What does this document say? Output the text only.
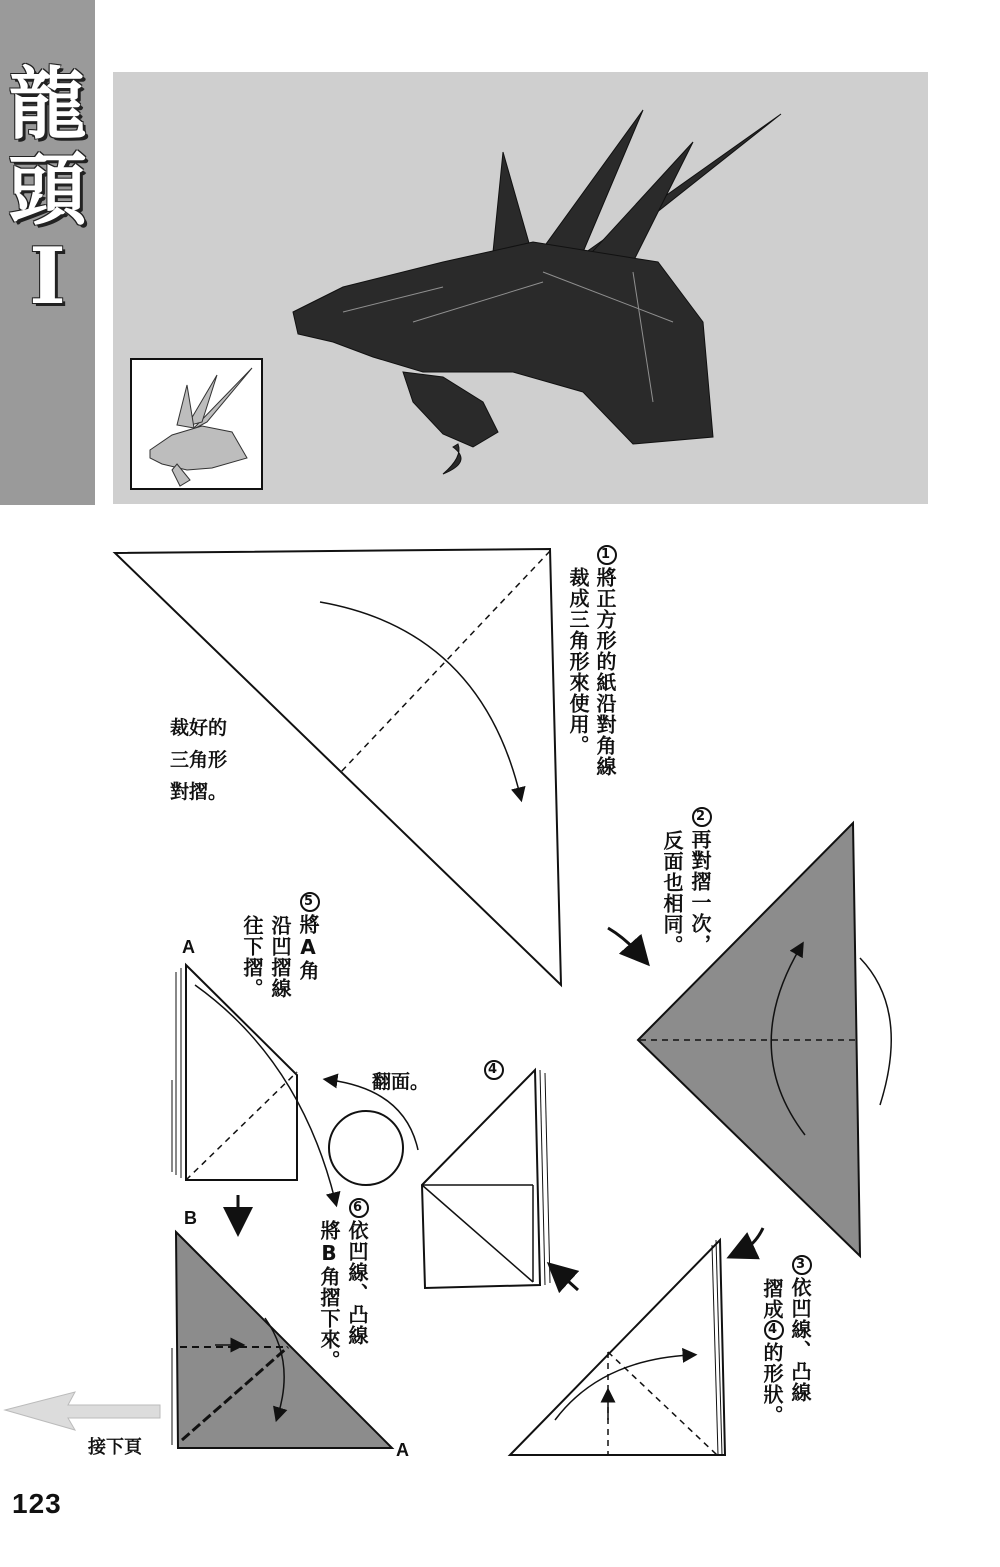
龍
頭
I
1將正方形的紙沿對角線
裁成三角形來使用。
裁好的
三角形
對摺。
2再對摺一次，
反面也相同。
3依凹線、凸線
摺成4的形狀。
4
翻面。
5將A角
沿凹摺線
往下摺。
6依凹線、凸線
將B角摺下來。
A
B
A
接下頁
123
